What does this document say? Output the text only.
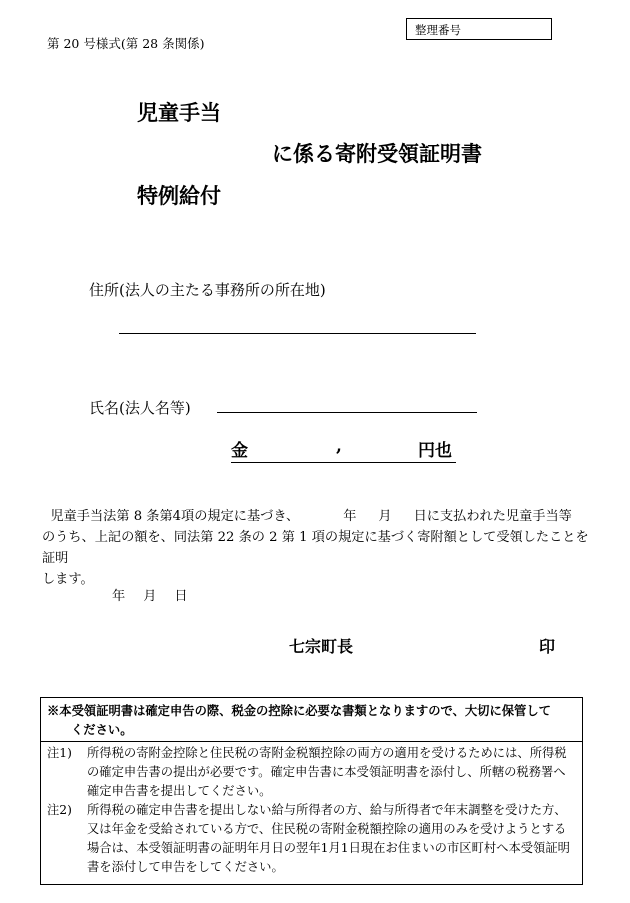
第 20 号様式(第 28 条関係)
整理番号
児童手当
に係る寄附受領証明書
特例給付
住所(法人の主たる事務所の所在地)
氏名(法人名等)
金	,	円也

児童手当法第 8 条第4項の規定に基づき、	年 月 日に支払われた児童手当等

のうち、上記の額を、同法第 22 条の 2 第 1 項の規定に基づく寄附額として受領したことを証明

します。

年 月 日
七宗町長	印
※本受領証明書は確定申告の際、税金の控除に必要な書類となりますので、大切に保管して
ください。
注1) 所得税の寄附金控除と住民税の寄附金税額控除の両方の適用を受けるためには、所得税の確定申告書の提出が必要です。確定申告書に本受領証明書を添付し、所轄の税務署へ確定申告書を提出してください。
注2) 所得税の確定申告書を提出しない給与所得者の方、給与所得者で年末調整を受けた方、又は年金を受給されている方で、住民税の寄附金税額控除の適用のみを受けようとする場合は、本受領証明書の証明年月日の翌年1月1日現在お住まいの市区町村へ本受領証明書を添付して申告をしてください。
